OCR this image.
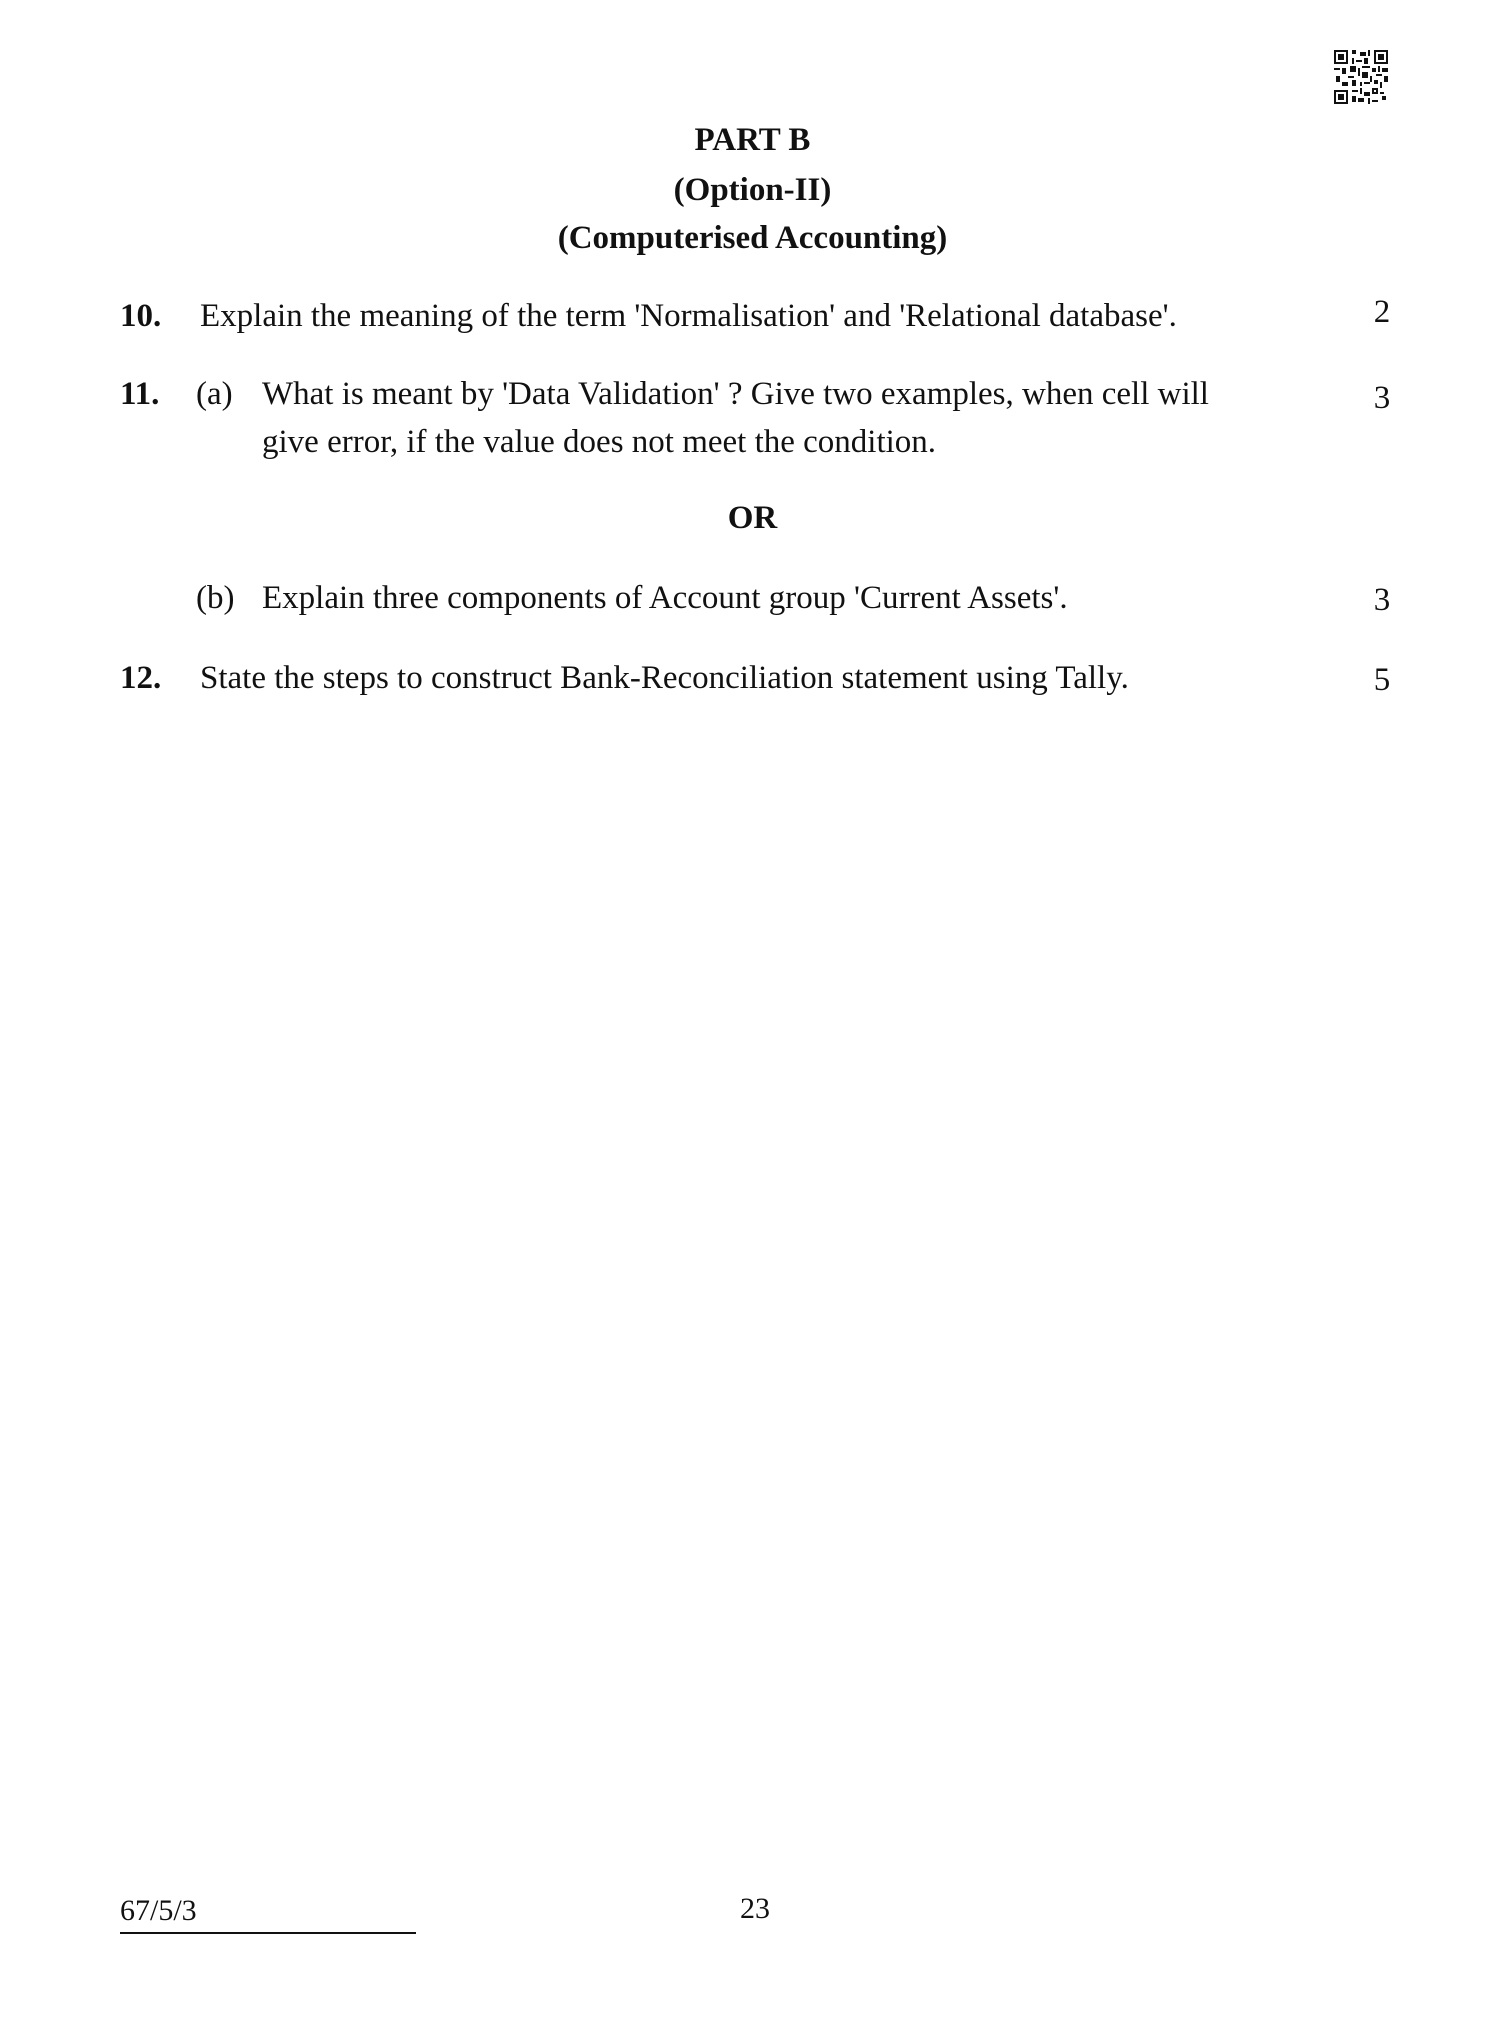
PART B
(Option-II)
(Computerised Accounting)
10. Explain the meaning of the term 'Normalisation' and 'Relational database'.	2
11. (a) What is meant by 'Data Validation' ? Give two examples, when cell will
give error, if the value does not meet the condition.
3
OR
(b) Explain three components of Account group 'Current Assets'.	3
12. State the steps to construct Bank-Reconciliation statement using Tally.	5
67/5/3	23
